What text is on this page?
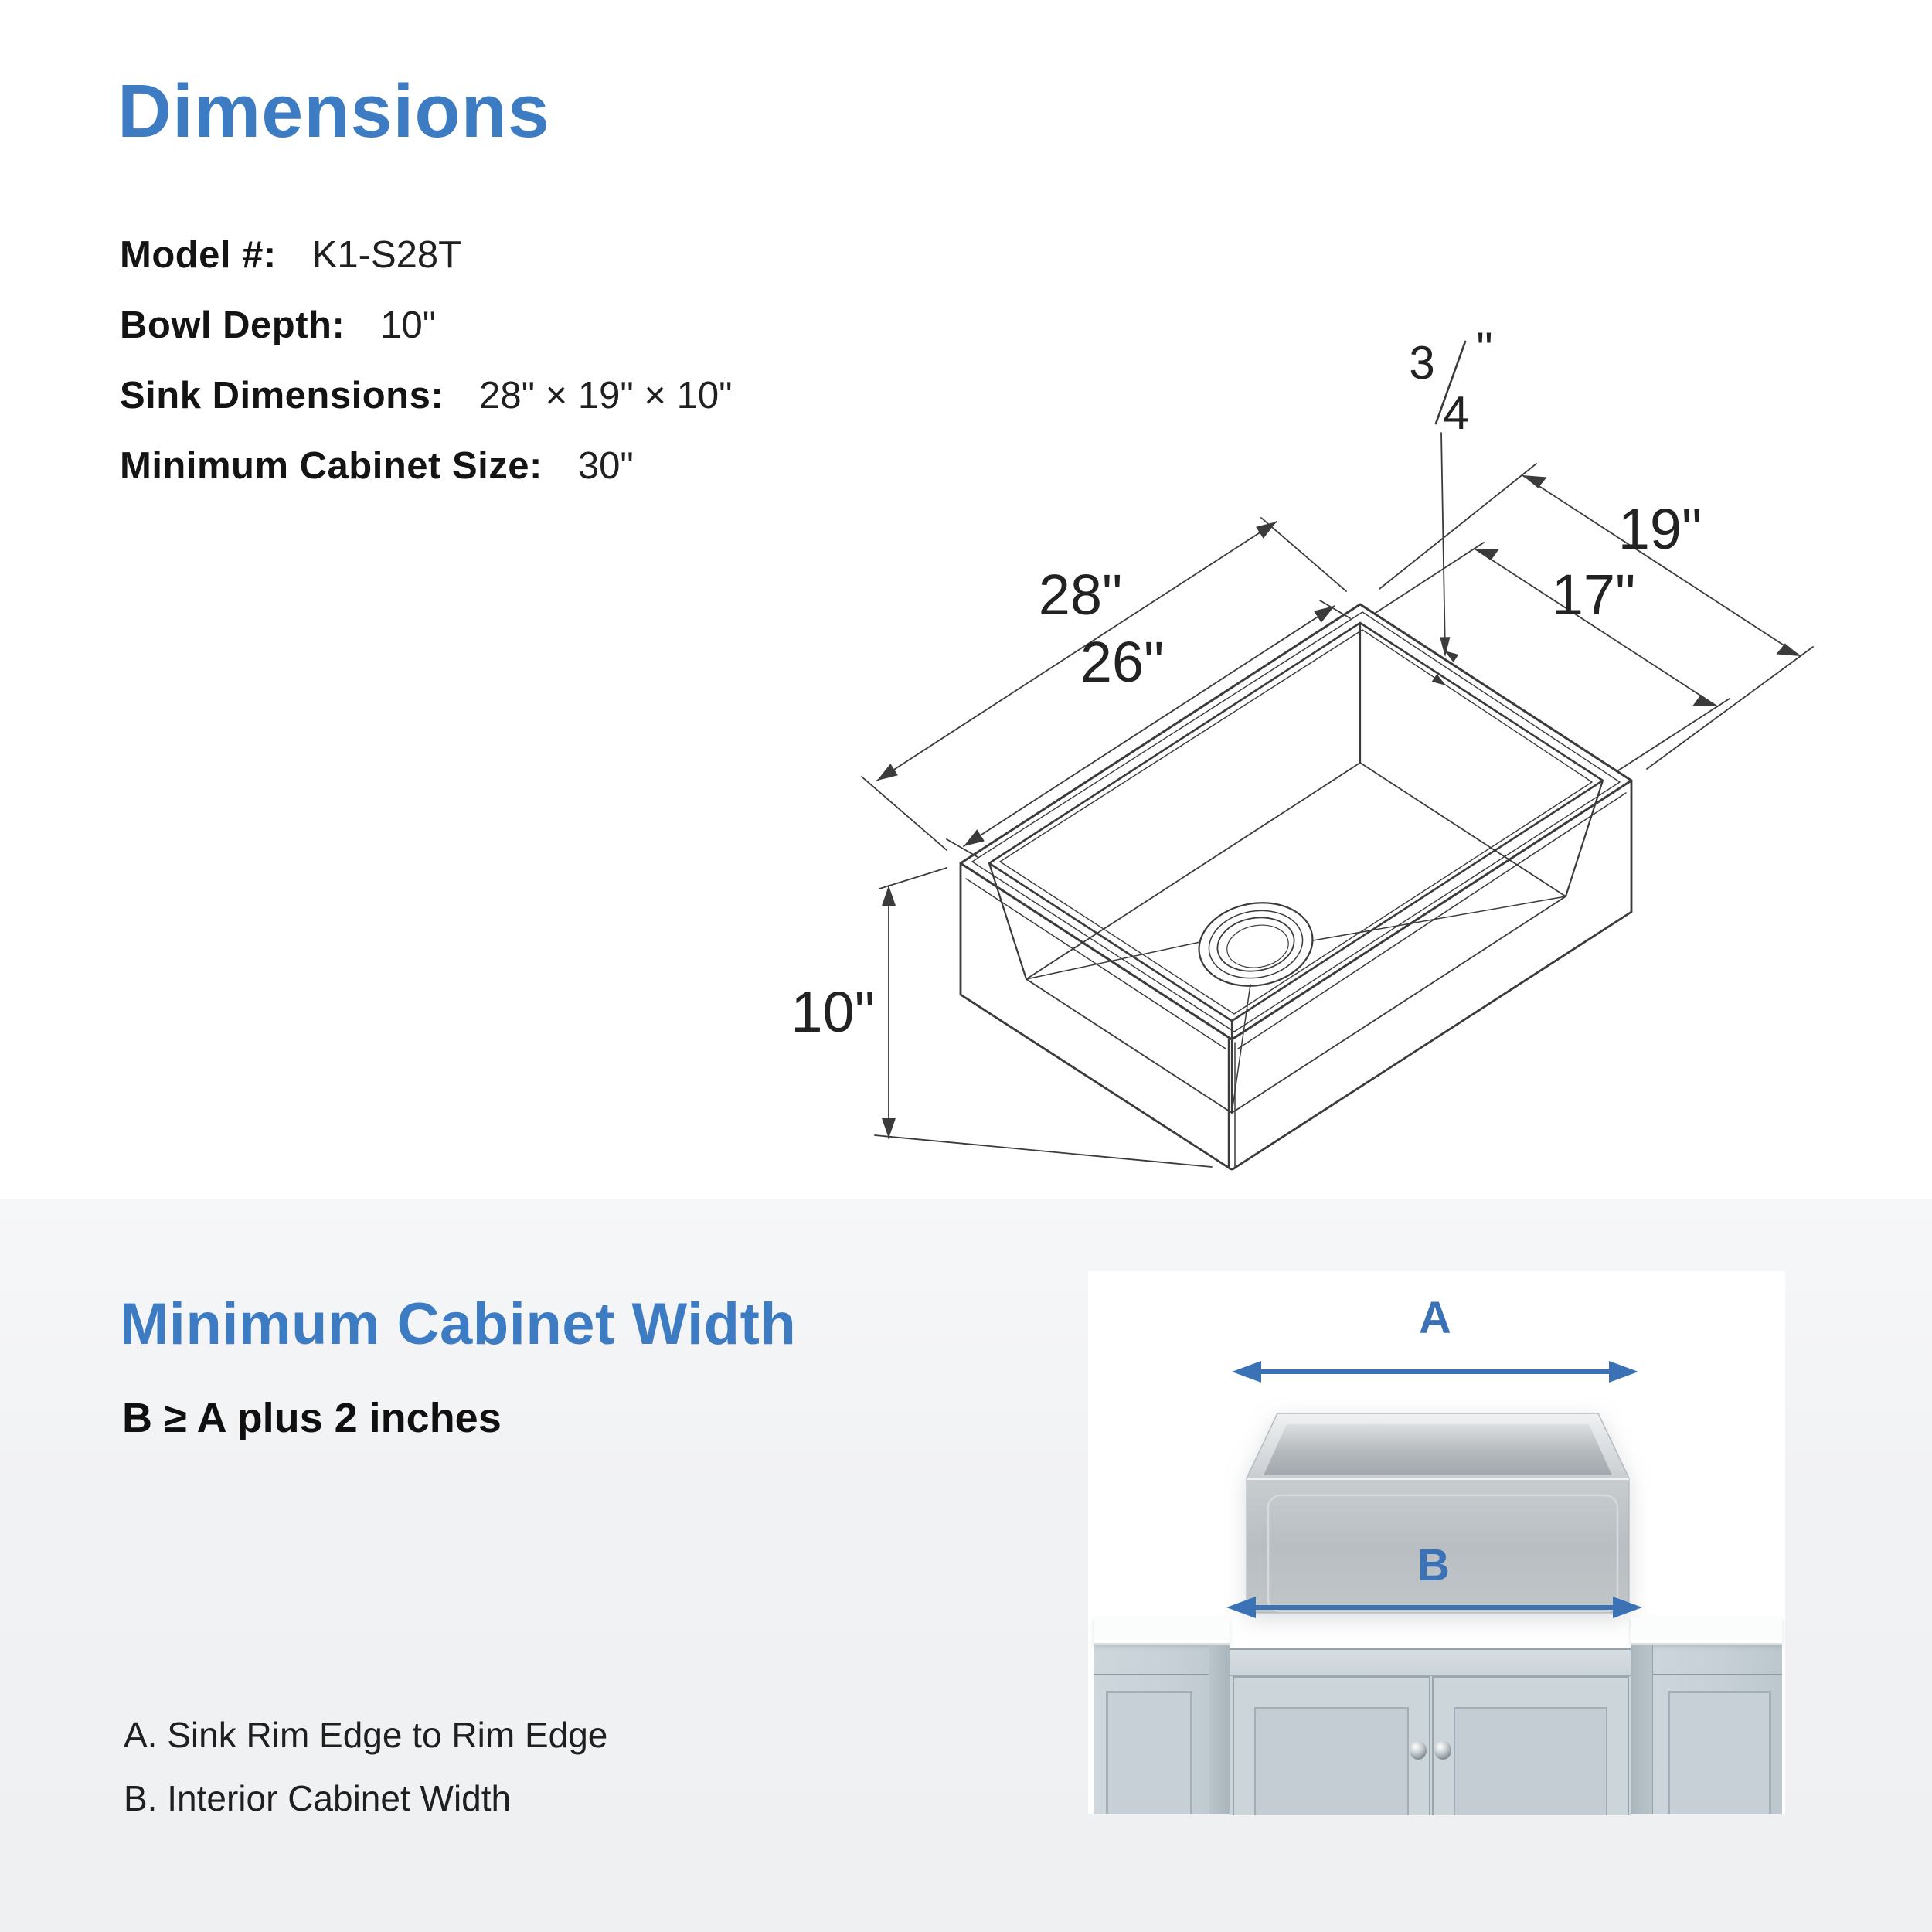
Dimensions
Model #: K1-S28T
Bowl Depth: 10"
Sink Dimensions: 28" × 19" × 10"
Minimum Cabinet Size: 30"
28"
26"
19"
17"
3
4
"
10"
Minimum Cabinet Width
B ≥ A plus 2 inches
A. Sink Rim Edge to Rim Edge
B. Interior Cabinet Width
A
B
